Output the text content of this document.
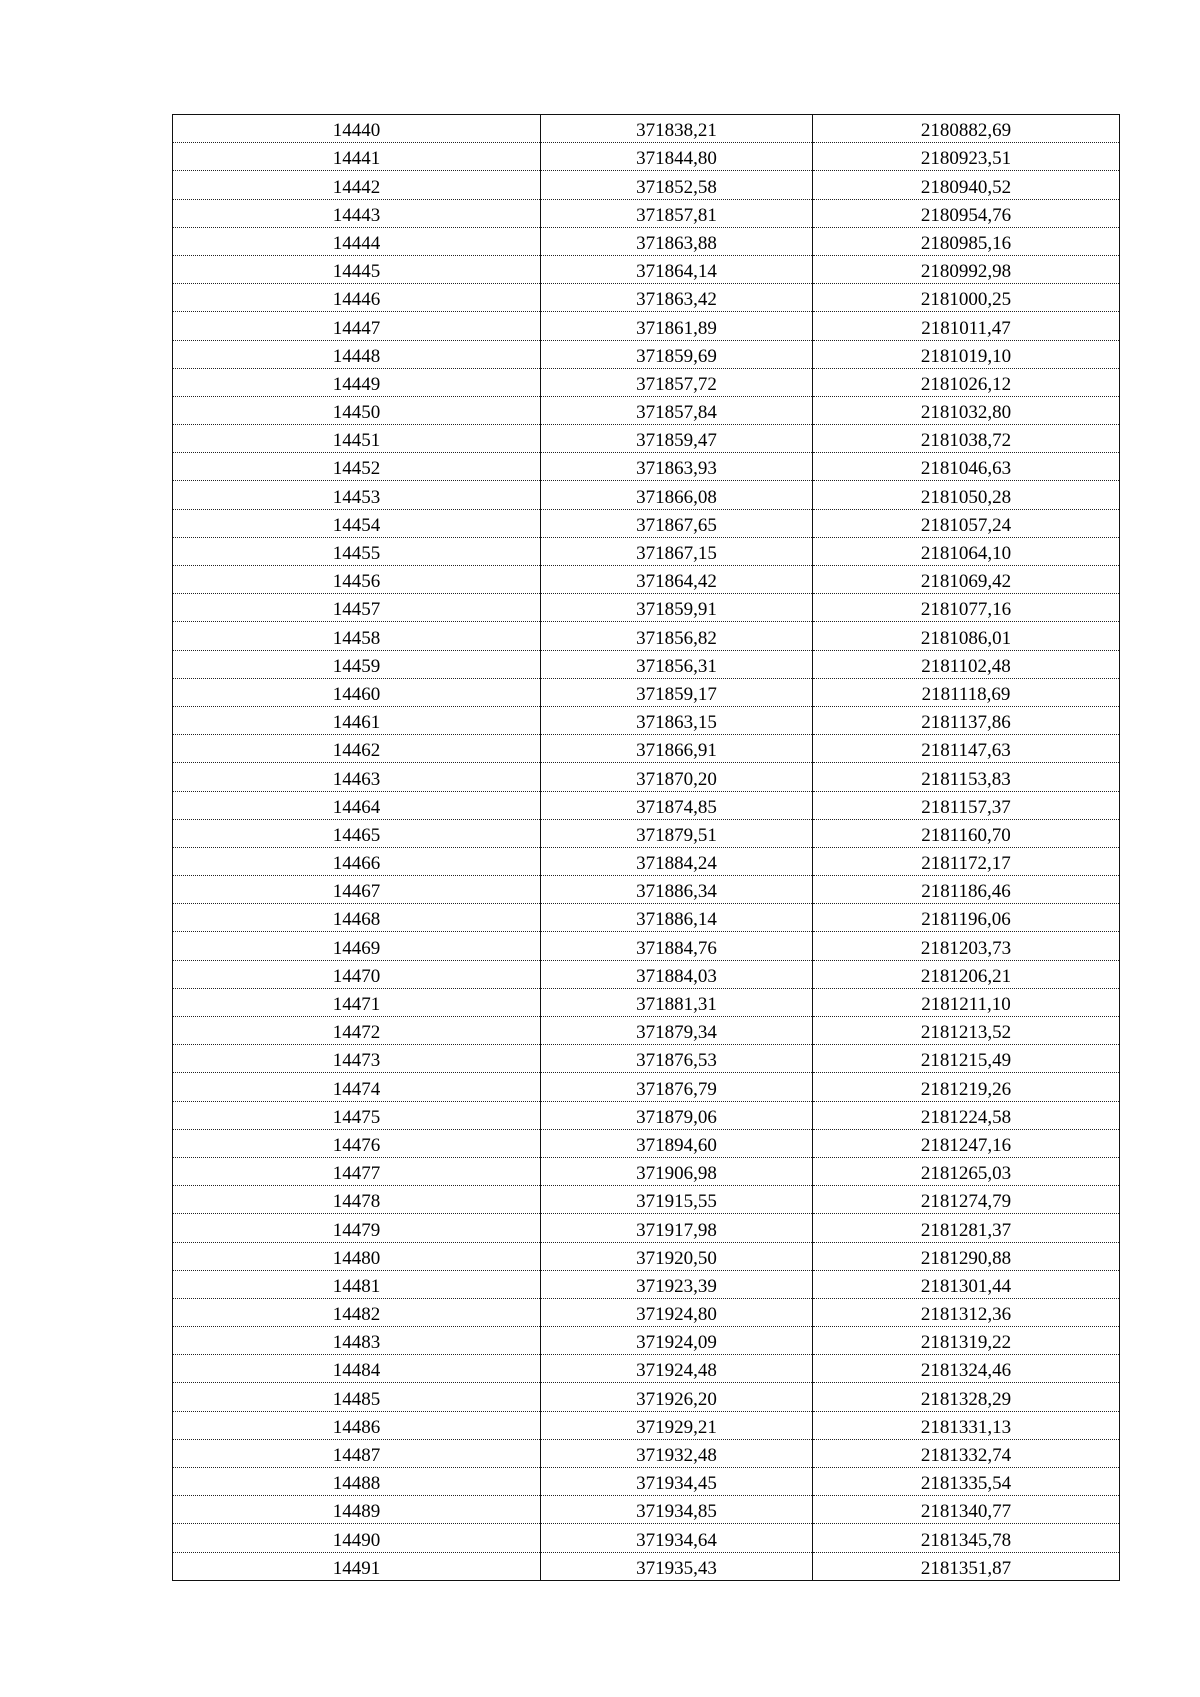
14440	371838,21	2180882,69
14441	371844,80	2180923,51
14442	371852,58	2180940,52
14443	371857,81	2180954,76
14444	371863,88	2180985,16
14445	371864,14	2180992,98
14446	371863,42	2181000,25
14447	371861,89	2181011,47
14448	371859,69	2181019,10
14449	371857,72	2181026,12
14450	371857,84	2181032,80
14451	371859,47	2181038,72
14452	371863,93	2181046,63
14453	371866,08	2181050,28
14454	371867,65	2181057,24
14455	371867,15	2181064,10
14456	371864,42	2181069,42
14457	371859,91	2181077,16
14458	371856,82	2181086,01
14459	371856,31	2181102,48
14460	371859,17	2181118,69
14461	371863,15	2181137,86
14462	371866,91	2181147,63
14463	371870,20	2181153,83
14464	371874,85	2181157,37
14465	371879,51	2181160,70
14466	371884,24	2181172,17
14467	371886,34	2181186,46
14468	371886,14	2181196,06
14469	371884,76	2181203,73
14470	371884,03	2181206,21
14471	371881,31	2181211,10
14472	371879,34	2181213,52
14473	371876,53	2181215,49
14474	371876,79	2181219,26
14475	371879,06	2181224,58
14476	371894,60	2181247,16
14477	371906,98	2181265,03
14478	371915,55	2181274,79
14479	371917,98	2181281,37
14480	371920,50	2181290,88
14481	371923,39	2181301,44
14482	371924,80	2181312,36
14483	371924,09	2181319,22
14484	371924,48	2181324,46
14485	371926,20	2181328,29
14486	371929,21	2181331,13
14487	371932,48	2181332,74
14488	371934,45	2181335,54
14489	371934,85	2181340,77
14490	371934,64	2181345,78
14491	371935,43	2181351,87
